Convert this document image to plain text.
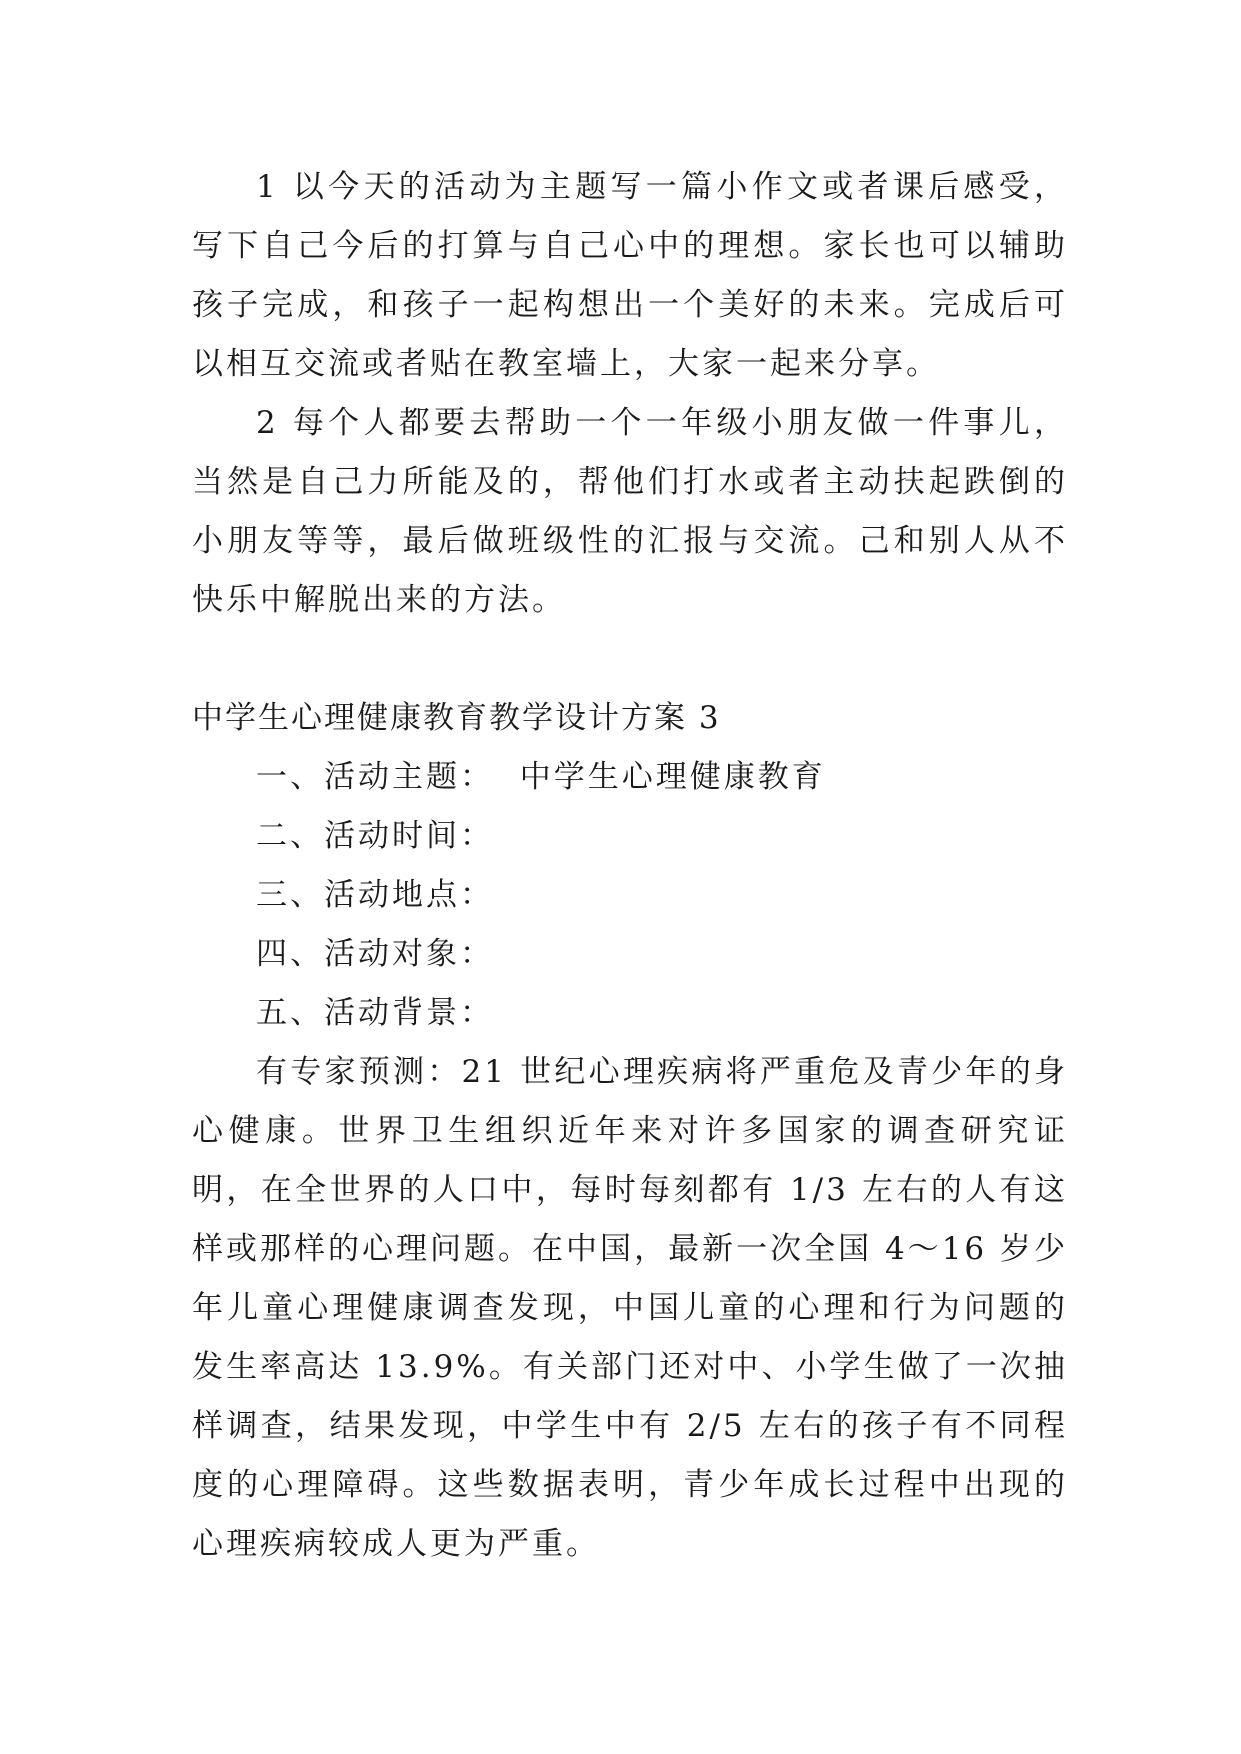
1 以今天的活动为主题写一篇小作文或者课后感受，写下自己今后的打算与自己心中的理想。家长也可以辅助孩子完成，和孩子一起构想出一个美好的未来。完成后可以相互交流或者贴在教室墙上，大家一起来分享。

2 每个人都要去帮助一个一年级小朋友做一件事儿，当然是自己力所能及的，帮他们打水或者主动扶起跌倒的小朋友等等，最后做班级性的汇报与交流。己和别人从不快乐中解脱出来的方法。

中学生心理健康教育教学设计方案 3

一、活动主题：  中学生心理健康教育

二、活动时间：

三、活动地点：

四、活动对象：

五、活动背景：

有专家预测：21 世纪心理疾病将严重危及青少年的身心健康。世界卫生组织近年来对许多国家的调查研究证明，在全世界的人口中，每时每刻都有 1/3 左右的人有这样或那样的心理问题。在中国，最新一次全国 4～16 岁少年儿童心理健康调查发现，中国儿童的心理和行为问题的发生率高达 13.9%。有关部门还对中、小学生做了一次抽样调查，结果发现，中学生中有 2/5 左右的孩子有不同程度的心理障碍。这些数据表明，青少年成长过程中出现的心理疾病较成人更为严重。
